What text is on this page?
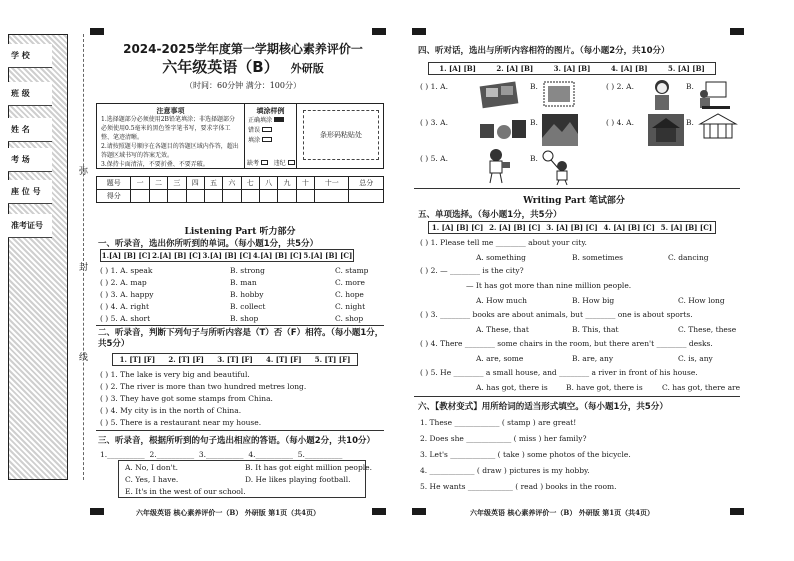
学 校
班 级
姓 名
考 场
座 位 号
准考证号
弥
封
线
2024-2025学年度第一学期核心素养评价一
六年级英语（B） 外研版
（时间：60分钟 满分：100分）
注意事项
1.选择题部分必须使用2B铅笔填涂；非选择题部分必须使用0.5毫米的黑色签字笔书写，要求字体工整、笔迹清晰。
2.请按照题号顺序在各题目的答题区域内作答，超出答题区域书写的答案无效。
3.保持卡面清洁，不要折叠、不要弄破。
填涂样例
正确填涂
错误
填涂
条形码粘贴处
缺考 违纪
题号	一	二	三	四	五	六	七	八	九	十	十一	总分
得分												
Listening Part 听力部分
一、听录音，选出你所听到的单词。（每小题1分，共5分）
1.[A] [B] [C] 2.[A] [B] [C] 3.[A] [B] [C] 4.[A] [B] [C] 5.[A] [B] [C]
( ) 1. A. speak	B. strong	C. stamp
( ) 2. A. map	B. man	C. more
( ) 3. A. happy	B. hobby	C. hope
( ) 4. A. right	B. collect	C. night
( ) 5. A. short	B. shop	C. shop
二、听录音，判断下列句子与所听内容是（T）否（F）相符。（每小题1分，共5分）
1. [T] [F]	2. [T] [F]	3. [T] [F]	4. [T] [F]	5. [T] [F]
( ) 1. The lake is very big and beautiful.
( ) 2. The river is more than two hundred metres long.
( ) 3. They have got some stamps from China.
( ) 4. My city is in the north of China.
( ) 5. There is a restaurant near my house.
三、听录音，根据所听到的句子选出相应的答语。（每小题2分，共10分）
1.__________  2.__________  3.__________  4.__________  5.__________
A. No, I don't.	B. It has got eight million people.
C. Yes, I have.	D. He likes playing football.
E. It's in the west of our school.
六年级英语 核心素养评价一（B） 外研版 第1页（共4页）
四、听对话，选出与所听内容相符的图片。（每小题2分，共10分）
1. [A] [B]	2. [A] [B]	3. [A] [B]	4. [A] [B]	5. [A] [B]
( ) 1. A.	B.	( ) 2. A.	B.
( ) 3. A.	B.	( ) 4. A.	B.
( ) 5. A.	B.
Writing Part 笔试部分
五、单项选择。（每小题1分，共5分）
1. [A] [B] [C] 2. [A] [B] [C] 3. [A] [B] [C] 4. [A] [B] [C] 5. [A] [B] [C]
( ) 1. Please tell me ________ about your city.
A. something	B. sometimes	C. dancing
( ) 2. — ________ is the city?
— It has got more than nine million people.
A. How much	B. How big	C. How long
( ) 3. ________ books are about animals, but ________ one is about sports.
A. These, that	B. This, that	C. These, these
( ) 4. There ________ some chairs in the room, but there aren't ________ desks.
A. are, some	B. are, any	C. is, any
( ) 5. He ________ a small house, and ________ a river in front of his house.
A. has got, there is B. have got, there is	C. has got, there are
六、【教材变式】用所给词的适当形式填空。（每小题1分，共5分）
1. These ____________ ( stamp ) are great!
2. Does she ____________ ( miss ) her family?
3. Let's ____________ ( take ) some photos of the bicycle.
4. ____________ ( draw ) pictures is my hobby.
5. He wants ____________ ( read ) books in the room.
六年级英语 核心素养评价一（B） 外研版 第1页（共4页）
